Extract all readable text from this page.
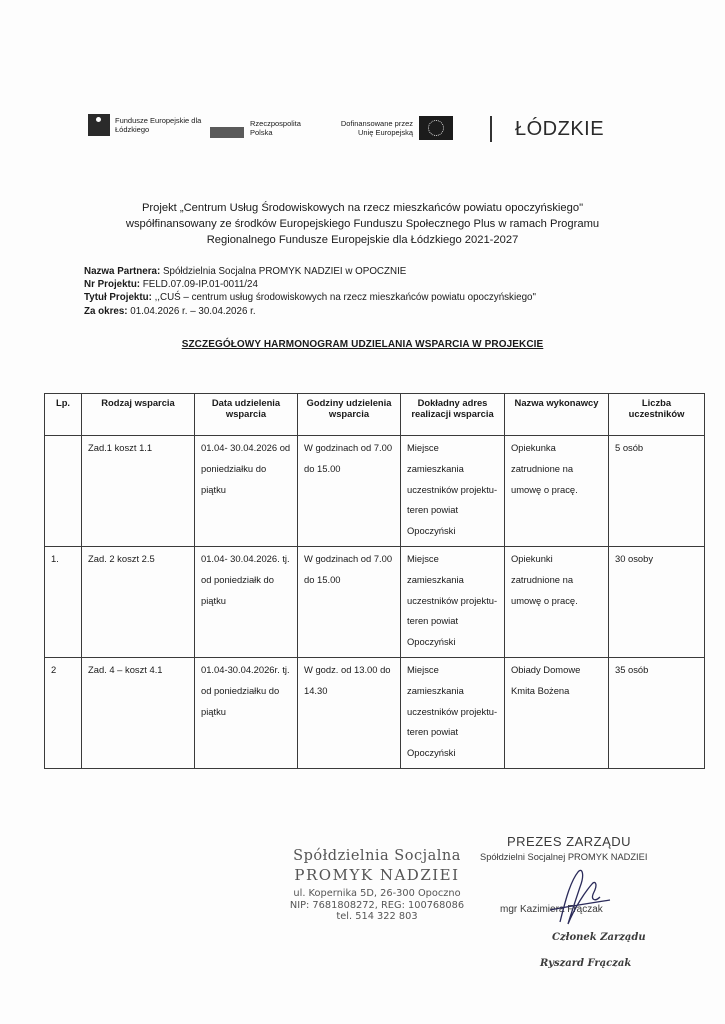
Fundusze Europejskie dla Łódzkiego
Rzeczpospolita Polska
Dofinansowane przez Unię Europejską	ŁÓDZKIE
Projekt „Centrum Usług Środowiskowych na rzecz mieszkańców powiatu opoczyńskiego"
współfinansowany ze środków Europejskiego Funduszu Społecznego Plus w ramach Programu
Regionalnego Fundusze Europejskie dla Łódzkiego 2021-2027
Nazwa Partnera: Spółdzielnia Socjalna PROMYK NADZIEI w OPOCZNIE
Nr Projektu: FELD.07.09-IP.01-0011/24
Tytuł Projektu: ,,CUŚ – centrum usług środowiskowych na rzecz mieszkańców powiatu opoczyńskiego"
Za okres: 01.04.2026 r. – 30.04.2026 r.
SZCZEGÓŁOWY HARMONOGRAM UDZIELANIA WSPARCIA W PROJEKCIE
Lp.	Rodzaj wsparcia	Data udzielenia wsparcia	Godziny udzielenia wsparcia	Dokładny adres realizacji wsparcia	Nazwa wykonawcy	Liczba uczestników
	Zad.1 koszt 1.1	01.04- 30.04.2026 od poniedziałku do piątku	W godzinach od 7.00 do 15.00	Miejsce zamieszkania uczestników projektu- teren powiat Opoczyński	Opiekunka zatrudnione na umowę o pracę.	5 osób
1.	Zad. 2 koszt 2.5	01.04- 30.04.2026. tj. od poniedziałk do piątku	W godzinach od 7.00 do 15.00	Miejsce zamieszkania uczestników projektu- teren powiat Opoczyński	Opiekunki zatrudnione na umowę o pracę.	30 osoby
2	Zad. 4 – koszt 4.1	01.04-30.04.2026r. tj. od poniedziałku do piątku	W godz. od 13.00 do 14.30	Miejsce zamieszkania uczestników projektu- teren powiat Opoczyński	Obiady Domowe Kmita Bożena	35 osób
Spółdzielnia Socjalna
PROMYK NADZIEI
ul. Kopernika 5D, 26-300 Opoczno
NIP: 7681808272, REG: 100768086
tel. 514 322 803
PREZES ZARZĄDU
Spółdzielni Socjalnej PROMYK NADZIEI
mgr Kazimiera Frączak
Członek Zarządu
Ryszard Frączak
